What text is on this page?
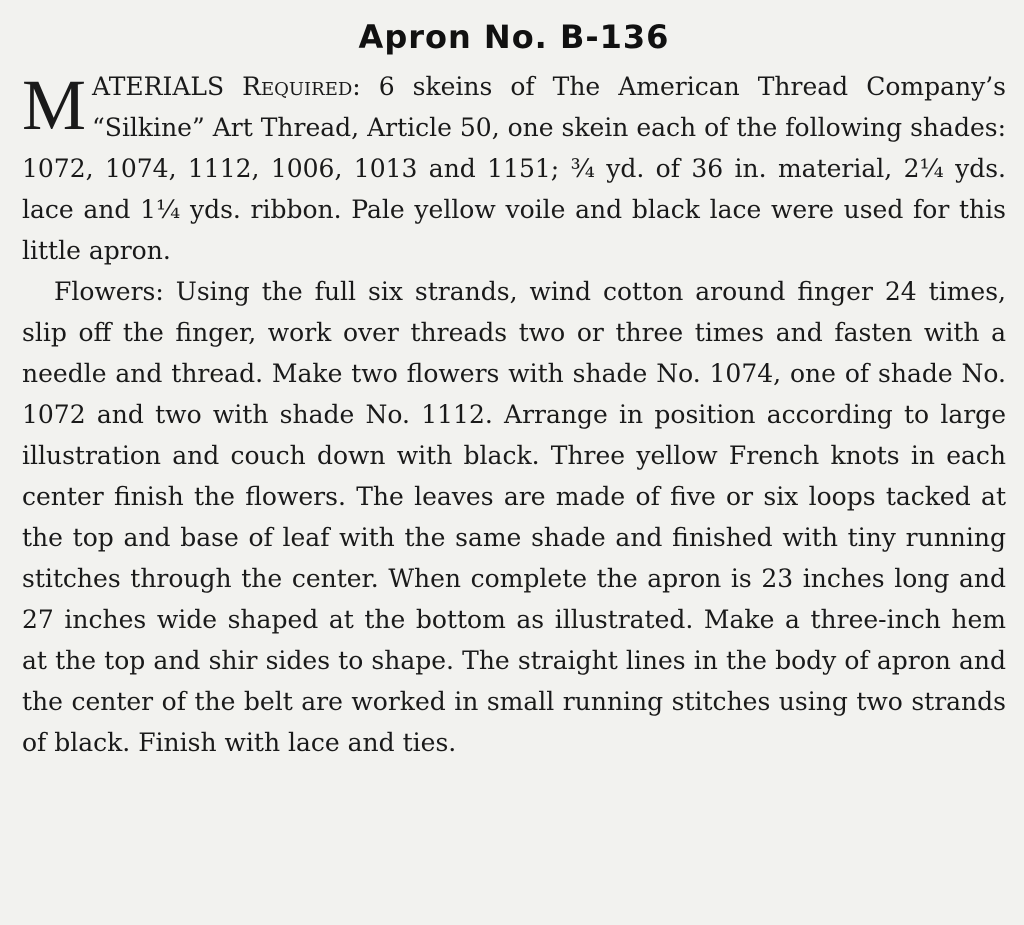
Apron No. B-136

MATERIALS Required: 6 skeins of The American Thread Company’s “Silkine” Art Thread, Article 50, one skein each of the following shades: 1072, 1074, 1112, 1006, 1013 and 1151; ¾ yd. of 36 in. material, 2¼ yds. lace and 1¼ yds. ribbon. Pale yellow voile and black lace were used for this little apron.

Flowers: Using the full six strands, wind cotton around finger 24 times, slip off the finger, work over threads two or three times and fasten with a needle and thread. Make two flowers with shade No. 1074, one of shade No. 1072 and two with shade No. 1112. Arrange in position according to large illustration and couch down with black. Three yellow French knots in each center finish the flowers. The leaves are made of five or six loops tacked at the top and base of leaf with the same shade and finished with tiny running stitches through the center. When complete the apron is 23 inches long and 27 inches wide shaped at the bottom as illustrated. Make a three-inch hem at the top and shir sides to shape. The straight lines in the body of apron and the center of the belt are worked in small running stitches using two strands of black. Finish with lace and ties.
